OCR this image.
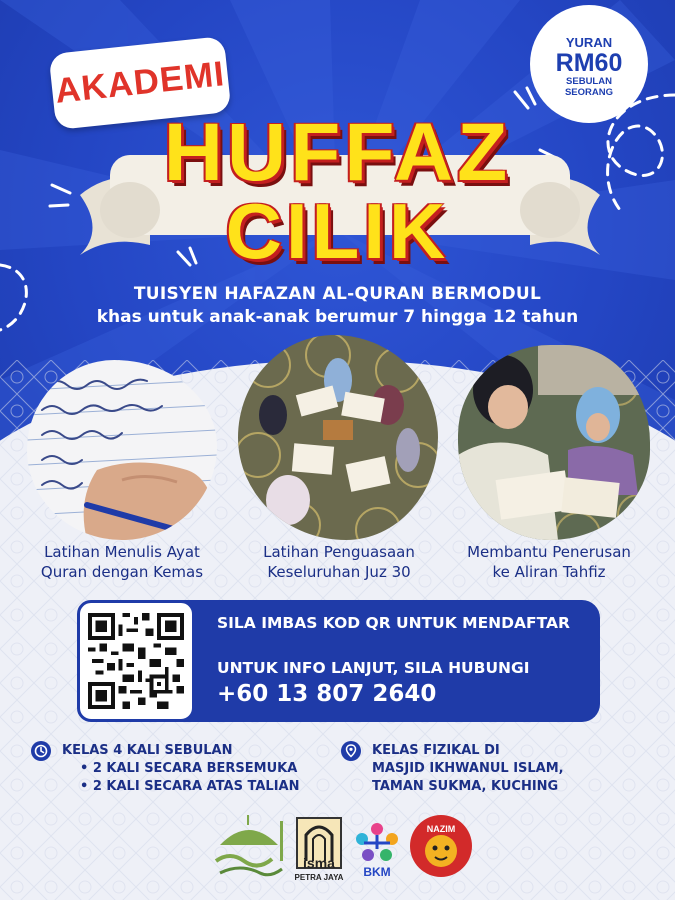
YURAN
RM60
SEBULAN
SEORANG
AKADEMI
HUFFAZ
CILIK
TUISYEN HAFAZAN AL-QURAN BERMODUL
khas untuk anak-anak berumur 7 hingga 12 tahun
Latihan Menulis Ayat
Quran dengan Kemas
Latihan Penguasaan
Keseluruhan Juz 30
Membantu Penerusan
ke Aliran Tahfiz
SILA IMBAS KOD QR UNTUK MENDAFTAR
UNTUK INFO LANJUT, SILA HUBUNGI
+60 13 807 2640
KELAS 4 KALI SEBULAN
• 2 KALI SECARA BERSEMUKA
• 2 KALI SECARA ATAS TALIAN
KELAS FIZIKAL DI
MASJID IKHWANUL ISLAM,
TAMAN SUKMA, KUCHING
isma
PETRA JAYA	BKM
NAZIM
